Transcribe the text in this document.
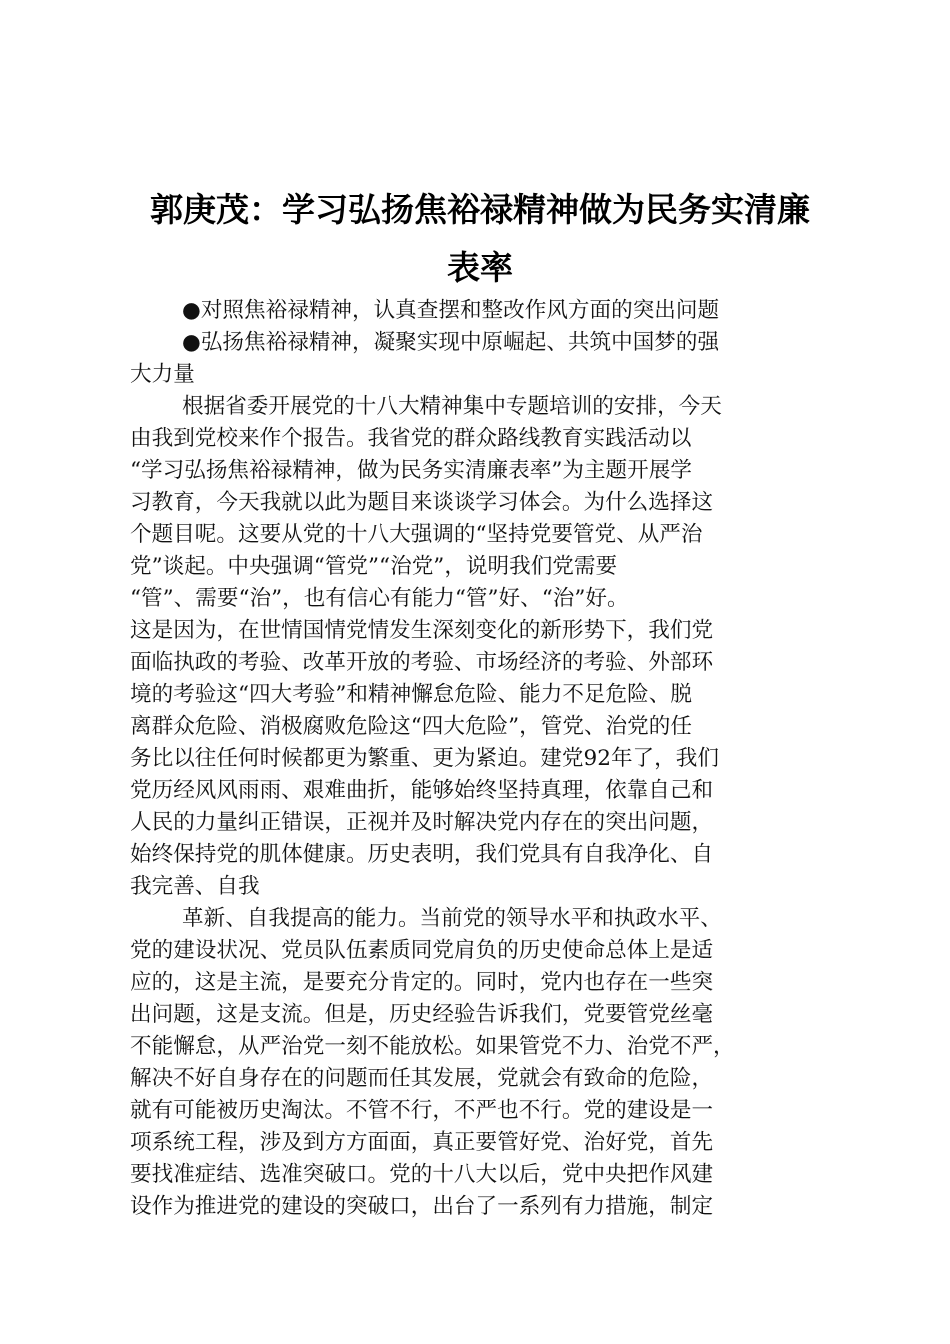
郭庚茂：学习弘扬焦裕禄精神做为民务实清廉
表率
●对照焦裕禄精神，认真查摆和整改作风方面的突出问题
●弘扬焦裕禄精神，凝聚实现中原崛起、共筑中国梦的强
大力量
根据省委开展党的十八大精神集中专题培训的安排，今天
由我到党校来作个报告。我省党的群众路线教育实践活动以
“学习弘扬焦裕禄精神，做为民务实清廉表率”为主题开展学
习教育，今天我就以此为题目来谈谈学习体会。为什么选择这
个题目呢。这要从党的十八大强调的“坚持党要管党、从严治
党”谈起。中央强调“管党”“治党”，说明我们党需要
“管”、需要“治”，也有信心有能力“管”好、“治”好。
这是因为，在世情国情党情发生深刻变化的新形势下，我们党
面临执政的考验、改革开放的考验、市场经济的考验、外部环
境的考验这“四大考验”和精神懈怠危险、能力不足危险、脱
离群众危险、消极腐败危险这“四大危险”，管党、治党的任
务比以往任何时候都更为繁重、更为紧迫。建党92年了，我们
党历经风风雨雨、艰难曲折，能够始终坚持真理，依靠自己和
人民的力量纠正错误，正视并及时解决党内存在的突出问题，
始终保持党的肌体健康。历史表明，我们党具有自我净化、自
我完善、自我
革新、自我提高的能力。当前党的领导水平和执政水平、
党的建设状况、党员队伍素质同党肩负的历史使命总体上是适
应的，这是主流，是要充分肯定的。同时，党内也存在一些突
出问题，这是支流。但是，历史经验告诉我们，党要管党丝毫
不能懈怠，从严治党一刻不能放松。如果管党不力、治党不严，
解决不好自身存在的问题而任其发展，党就会有致命的危险，
就有可能被历史淘汰。不管不行，不严也不行。党的建设是一
项系统工程，涉及到方方面面，真正要管好党、治好党，首先
要找准症结、选准突破口。党的十八大以后，党中央把作风建
设作为推进党的建设的突破口，出台了一系列有力措施，制定
